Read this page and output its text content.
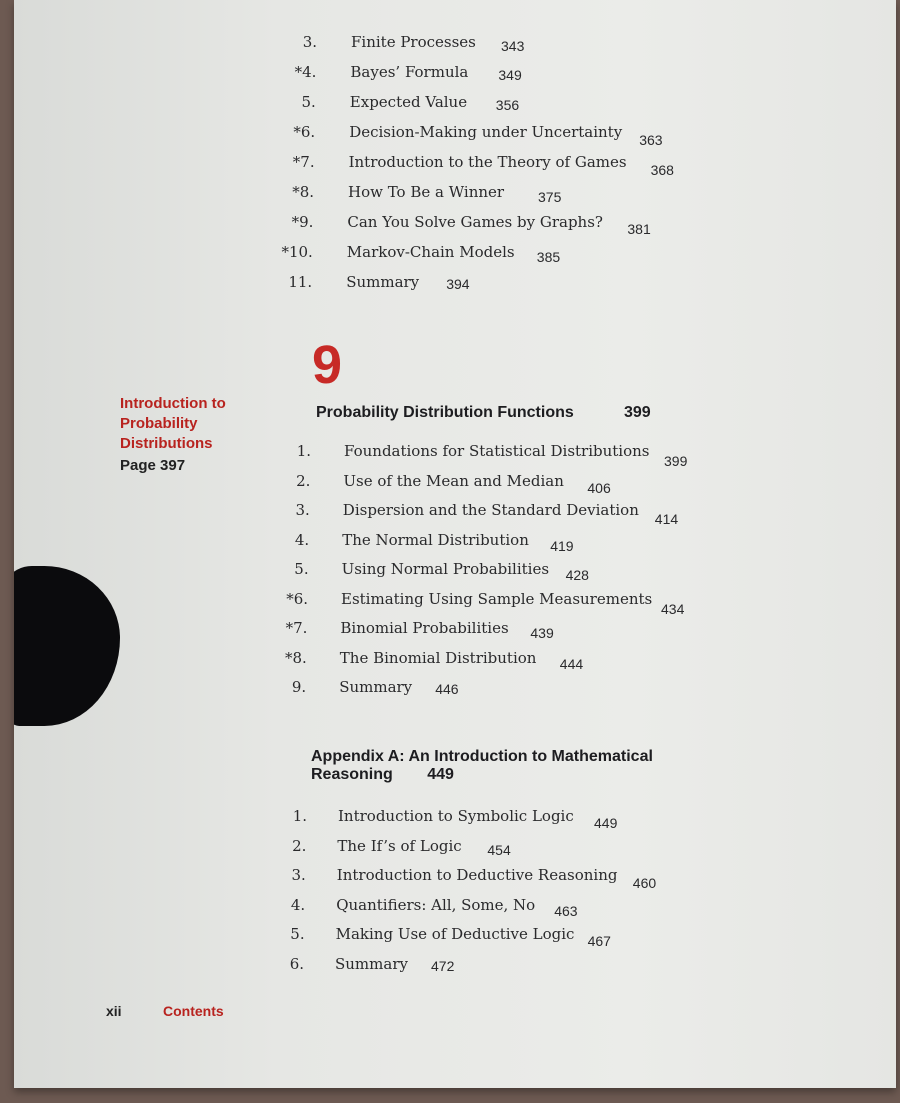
3. Finite Processes 343
*4. Bayes’ Formula 349
5. Expected Value 356
*6. Decision-Making under Uncertainty 363
*7. Introduction to the Theory of Games 368
*8. How To Be a Winner 375
*9. Can You Solve Games by Graphs? 381
*10. Markov-Chain Models 385
11. Summary 394
9
Probability Distribution Functions	399
Introduction to
Probability
Distributions
Page 397
1. Foundations for Statistical Distributions
399
2. Use of the Mean and Median 406
3. Dispersion and the Standard Deviation 414
4. The Normal Distribution 419
5. Using Normal Probabilities 428
*6. Estimating Using Sample Measurements
434
*7. Binomial Probabilities 439
*8. The Binomial Distribution 444
9. Summary 446
Appendix A: An Introduction to Mathematical
Reasoning 449
1. Introduction to Symbolic Logic 449
2. The If’s of Logic 454
3. Introduction to Deductive Reasoning 460
4. Quantifiers: All, Some, No 463
5. Making Use of Deductive Logic 467
6. Summary 472
xii	Contents
